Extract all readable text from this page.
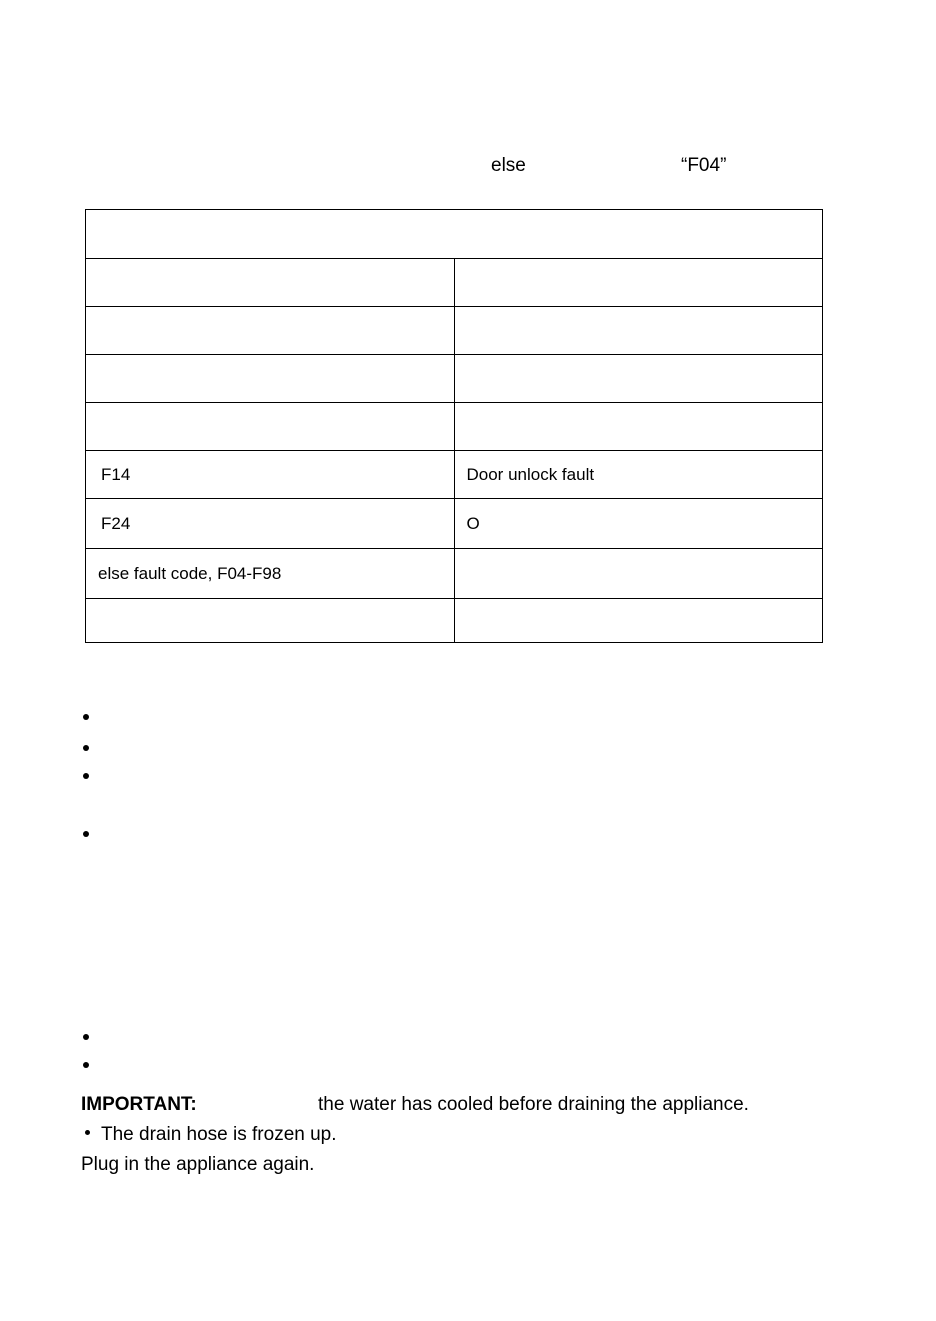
else	“F04”

F14	Door unlock fault
F24	O
else fault code, F04-F98	

IMPORTANT:	the water has cooled before draining the appliance.
The drain hose is frozen up.
Plug in the appliance again.
